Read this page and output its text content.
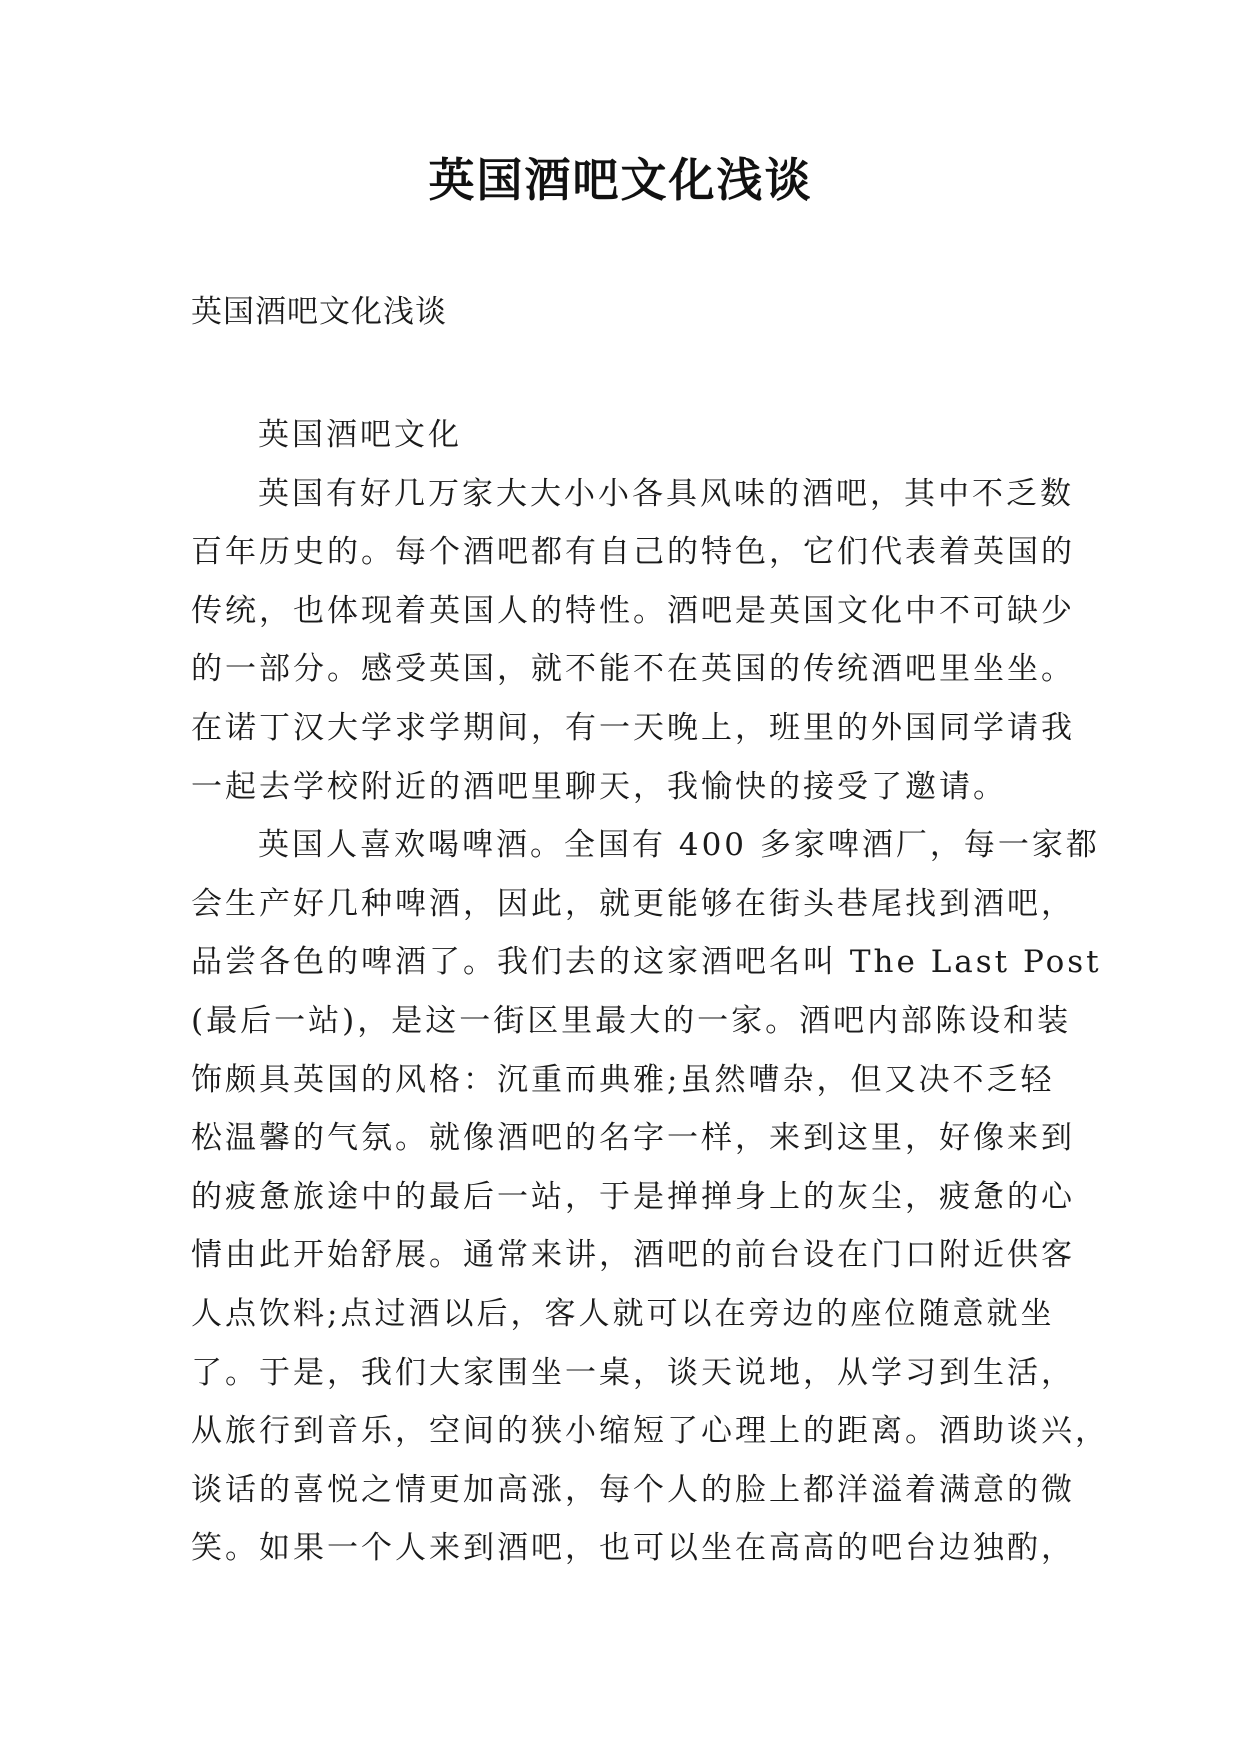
英国酒吧文化浅谈
英国酒吧文化浅谈
英国酒吧文化
英国有好几万家大大小小各具风味的酒吧，其中不乏数
百年历史的。每个酒吧都有自己的特色，它们代表着英国的
传统，也体现着英国人的特性。酒吧是英国文化中不可缺少
的一部分。感受英国，就不能不在英国的传统酒吧里坐坐。
在诺丁汉大学求学期间，有一天晚上，班里的外国同学请我
一起去学校附近的酒吧里聊天，我愉快的接受了邀请。
英国人喜欢喝啤酒。全国有 400 多家啤酒厂，每一家都
会生产好几种啤酒，因此，就更能够在街头巷尾找到酒吧，
品尝各色的啤酒了。我们去的这家酒吧名叫 The Last Post
(最后一站)，是这一街区里最大的一家。酒吧内部陈设和装
饰颇具英国的风格：沉重而典雅;虽然嘈杂，但又决不乏轻
松温馨的气氛。就像酒吧的名字一样，来到这里，好像来到
的疲惫旅途中的最后一站，于是掸掸身上的灰尘，疲惫的心
情由此开始舒展。通常来讲，酒吧的前台设在门口附近供客
人点饮料;点过酒以后，客人就可以在旁边的座位随意就坐
了。于是，我们大家围坐一桌，谈天说地，从学习到生活，
从旅行到音乐，空间的狭小缩短了心理上的距离。酒助谈兴，
谈话的喜悦之情更加高涨，每个人的脸上都洋溢着满意的微
笑。如果一个人来到酒吧，也可以坐在高高的吧台边独酌，
